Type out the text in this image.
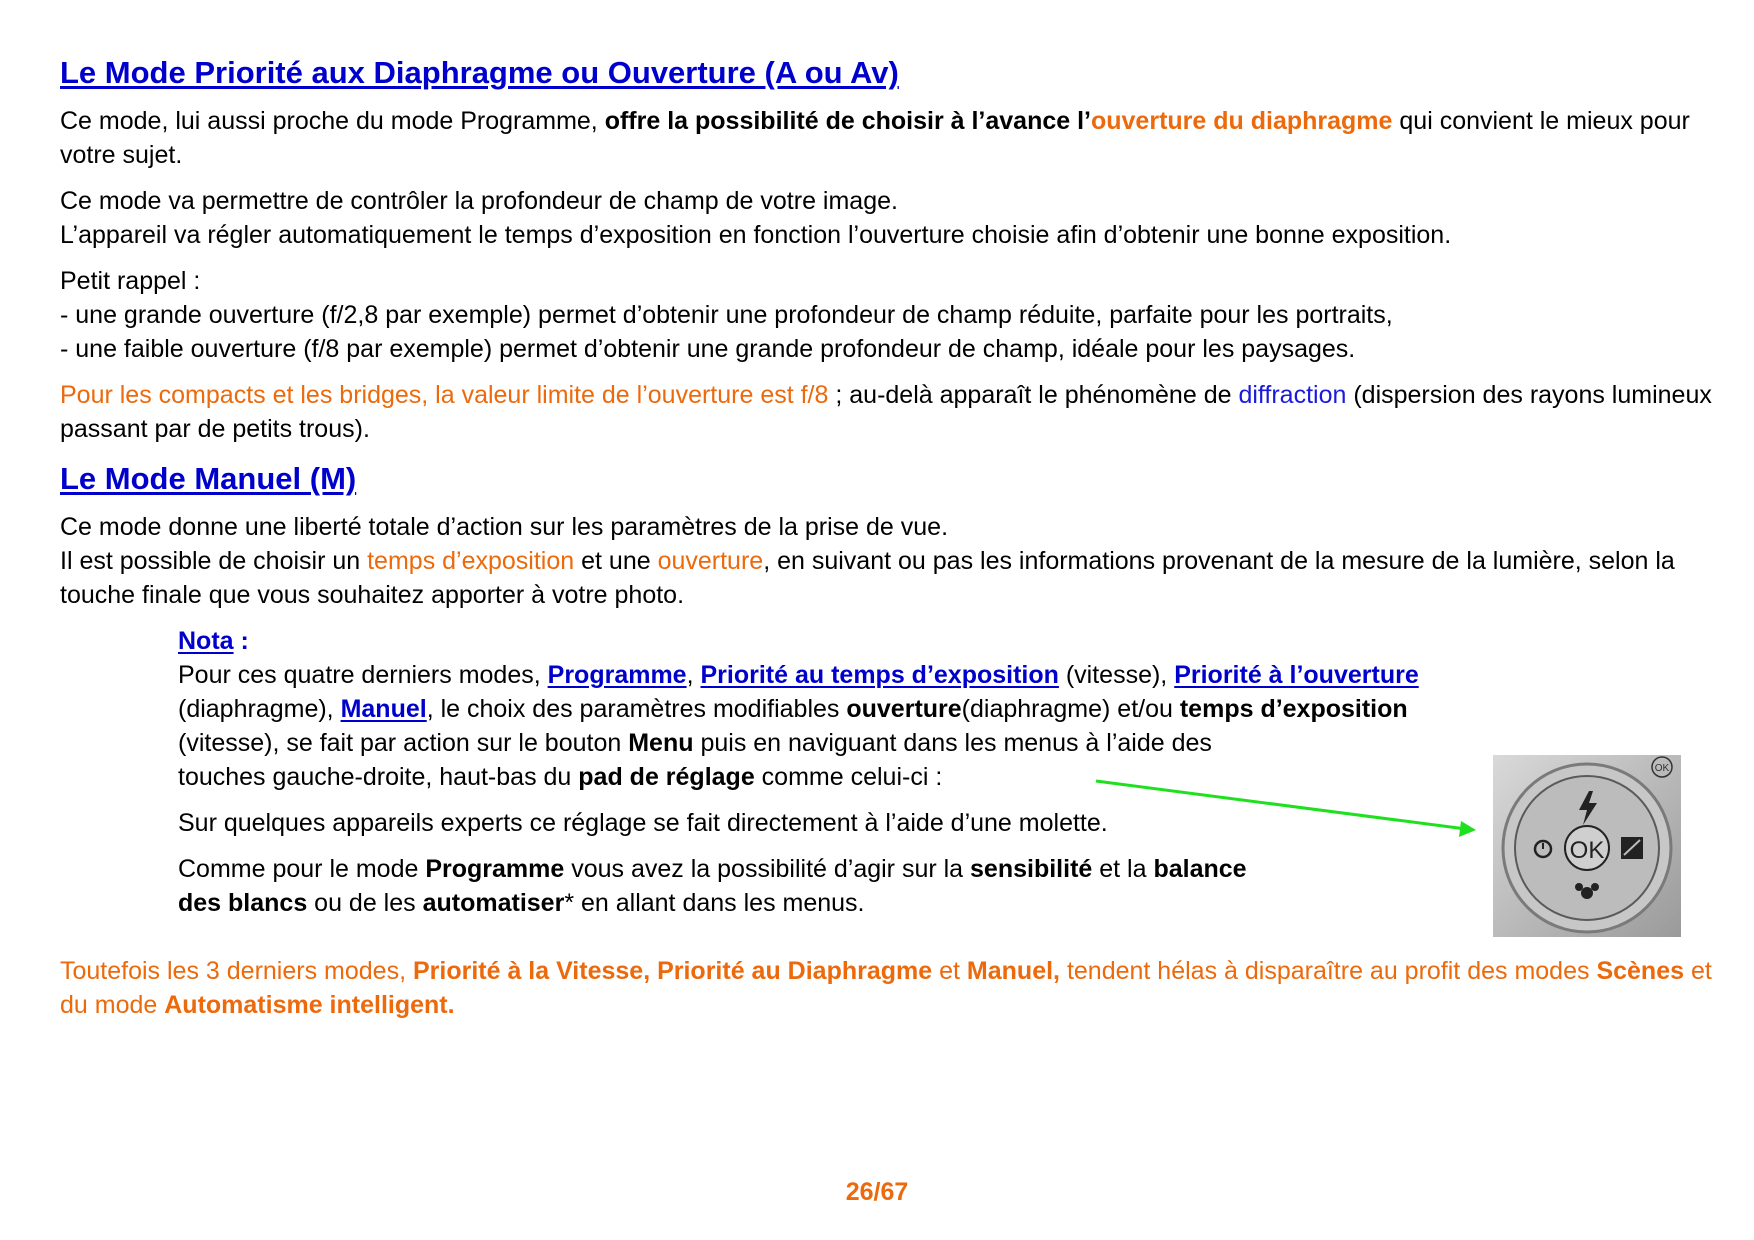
Le Mode Priorité aux Diaphragme ou Ouverture (A ou Av)

Ce mode, lui aussi proche du mode Programme, offre la possibilité de choisir à l’avance l’ouverture du diaphragme qui convient le mieux pour votre sujet.

Ce mode va permettre de contrôler la profondeur de champ de votre image.
L’appareil va régler automatiquement le temps d’exposition en fonction l’ouverture choisie afin d’obtenir une bonne exposition.

Petit rappel :
- une grande ouverture (f/2,8 par exemple) permet d’obtenir une profondeur de champ réduite, parfaite pour les portraits,
- une faible ouverture (f/8 par exemple) permet d’obtenir une grande profondeur de champ, idéale pour les paysages.

Pour les compacts et les bridges, la valeur limite de l’ouverture est f/8 ; au-delà apparaît le phénomène de diffraction (dispersion des rayons lumineux passant par de petits trous).

Le Mode Manuel (M)

Ce mode donne une liberté totale d’action sur les paramètres de la prise de vue.
Il est possible de choisir un temps d’exposition et une ouverture, en suivant ou pas les informations provenant de la mesure de la lumière, selon la touche finale que vous souhaitez apporter à votre photo.

Nota :
Pour ces quatre derniers modes, Programme, Priorité au temps d’exposition (vitesse), Priorité à l’ouverture
(diaphragme), Manuel, le choix des paramètres modifiables ouverture(diaphragme) et/ou temps d’exposition
(vitesse), se fait par action sur le bouton Menu puis en naviguant dans les menus à l’aide des
touches gauche-droite, haut-bas du pad de réglage comme celui-ci :

Sur quelques appareils experts ce réglage se fait directement à l’aide d’une molette.

Comme pour le mode Programme vous avez la possibilité d’agir sur la sensibilité et la balance
des blancs ou de les automatiser* en allant dans les menus.

Toutefois les 3 derniers modes, Priorité à la Vitesse, Priorité au Diaphragme et Manuel, tendent hélas à disparaître au profit des modes Scènes et du mode Automatisme intelligent.

OK
OK
26/67
